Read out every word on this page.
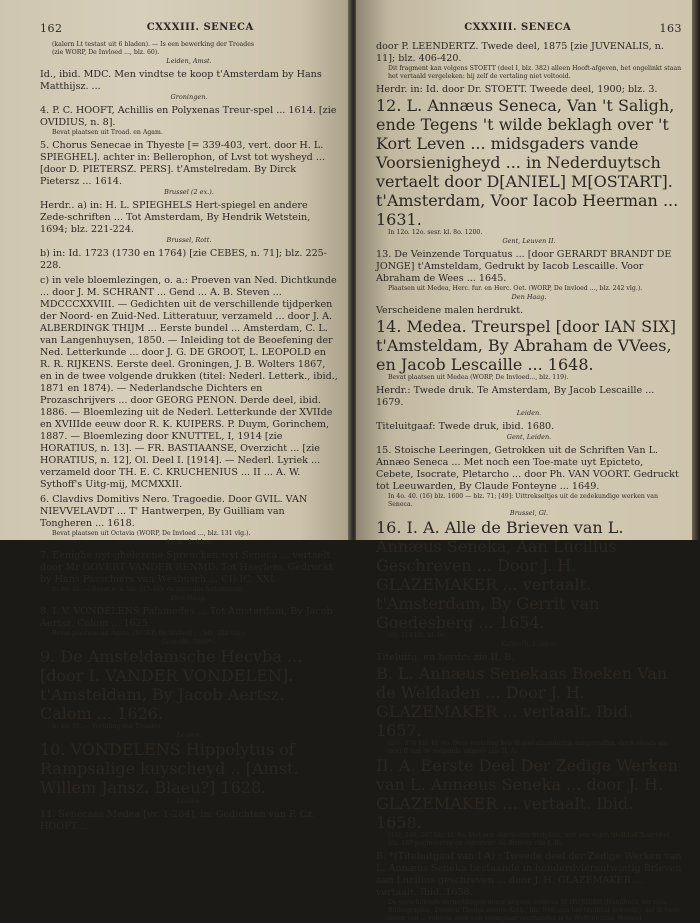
162	CXXXIII. SENECA

(kalern Lt testast uit 6 bladen). — Is een bewerking der Troades

(zie WORP, De Invloed ..., blz. 60).

Leiden, Amst.

Id., ibid. MDC. Men vindtse te koop t'Amsterdam by Hans Matthijsz. ...

Groningen.

4. P. C. HOOFT, Achillis en Polyxenas Treur-spel ... 1614. [zie OVIDIUS, n. 8].

Bevat plaatsen uit Troad. en Agam.

5. Chorus Senecae in Thyeste [= 339-403, vert. door H. L. SPIEGHEL]. achter in: Bellerophon, of Lvst tot wysheyd ... [door D. PIETERSZ. PERS]. t'Amstelredam. By Dirck Pietersz ... 1614.

Brussel (2 ex.).

Herdr.. a) in: H. L. SPIEGHELS Hert-spiegel en andere Zede-schriften ... Tot Amsterdam, By Hendrik Wetstein, 1694; blz. 221-224.

Brussel, Rott.

b) in: Id. 1723 (1730 en 1764) [zie CEBES, n. 71]; blz. 225-228.

c) in vele bloemlezingen, o. a.: Proeven van Ned. Dichtkunde ... door J. M. SCHRANT ... Gend ... A. B. Steven ... MDCCCXXVIII. — Gedichten uit de verschillende tijdperken der Noord- en Zuid-Ned. Litteratuur, verzameld ... door J. A. ALBERDINGK THIJM ... Eerste bundel ... Amsterdam, C. L. van Langenhuysen, 1850. — Inleiding tot de Beoefening der Ned. Letterkunde ... door J. G. DE GROOT, L. LEOPOLD en R. R. RIJKENS. Eerste deel. Groningen, J. B. Wolters 1867, en in de twee volgende drukken (titel: Nederl. Letterk., ibid., 1871 en 1874). — Nederlandsche Dichters en Prozaschrijvers ... door GEORG PENON. Derde deel, ibid. 1886. — Bloemlezing uit de Nederl. Letterkunde der XVIIde en XVIIIde eeuw door R. K. KUIPERS. P. Duym, Gorinchem, 1887. — Bloemlezing door KNUTTEL, I, 1914 [zie HORATIUS, n. 13]. — FR. BASTIAANSE, Overzicht ... [zie HORATIUS, n. 12], Ol. Deel I. [1914]. — Nederl. Lyriek ... verzameld door TH. E. C. KRUCHENIUS ... II ... A. W. Sythoff's Uitg-mij, MCMXXII.

6. Clavdivs Domitivs Nero. Tragoedie. Door GVIL. VAN NIEVVELAVDT ... T' Hantwerpen, By Guilliam van Tongheren ... 1618.

Bevat plaatsen uit Octavia (WORP, De Invloed ..., blz. 131 vlg.).

Antw., Leiden.

7. Eenighe uyt-ghelezene Spreucken wyt Seneca ... vertaelt door Mr GOVERT VANDER RENMD. Tot Haerlem, Gedruckt by Hans Passchiers van Wesbusch ... CI) IC. XXI.

In 8o. 40. — Bevat o. a. blz. (15-46): de remediis fortuitorum.

Den Haag.

8. I. V. VONDELENS Palamedes ... Tot Amsterdam, By Jacob Aertsz. Colom ... 1625.

Bevat plaatsen uit Agam. (WORP, De Invloed ..., blz. 202 vlg.)

Gent (Bl. 7998*).

9. De Amsteldamsche Hecvba ... [door I. VANDER VONDELEN]. t'Amsteldam, By Jacob Aertsz. Calom ... 1626.

In 4o. 40. — Vertaling der Troades.

Leiden.

10. VONDELENS Hippolytus of Rampsalige kuyscheyd .. [Amst. Willem Jansz. Blaeu?] 1628.

Leiden.

11. Senecaes Medea [vv. 1-284], in: Gedichten van P. Cz. HOOFT ...

CXXXIII. SENECA	163

door P. LEENDERTZ. Twede deel, 1875 [zie JUVENALIS, n. 11]; blz. 406-420.

Dit fragment kan volgens STOETT (deel I, blz. 382) alleen Hooft-afgeven, het ongelinkt staan het vertaald vergeleken: hij zelf de vertaling niet voltooid.

Herdr. in: Id. door Dr. STOETT. Tweede deel, 1900; blz. 3.

12. L. Annæus Seneca, Van 't Saligh, ende Tegens 't wilde beklagh over 't Kort Leven ... midsgaders vande Voorsienigheyd ... in Nederduytsch vertaelt door D[ANIEL] M[OSTART]. t'Amsterdam, Voor Iacob Heerman ... 1631.

In 12o. 12o. sesr. kl. 8o. 1200.

Gent, Leuven II.

13. De Veinzende Torquatus ... [door GERARDT BRANDT DE JONGE] t'Amsteldam, Gedrukt by Iacob Lescaille. Voor Abraham de Wees ... 1645.

Plaatsen uit Medea, Herc. fur. en Herc. Oet. (WORP, De Invloed ..., blz. 242 vlg.).

Den Haag.

Verscheidene malen herdrukt.

14. Medea. Treurspel [door IAN SIX] t'Amsteldam, By Abraham de VVees, en Jacob Lescaille ... 1648.

Bevat plaatsen uit Medea (WORP, De Invloed..., blz. 119).

Herdr.: Twede druk. Te Amsterdam, By Jacob Lescaille ... 1679.

Leiden.

Titeluitgaaf: Twede druk, ibid. 1680.

Gent, Leiden.

15. Stoische Leeringen, Getrokken uit de Schriften Van L. Annæo Seneca ... Met noch een Toe-mate uyt Epicteto, Cebete, Isocrate, Pletarcho ... door Ph. VAN VOORT. Gedruckt tot Leeuwarden, By Claude Fonteyne ... 1649.

In 4o. 40. (16) blz. 1600 — blz. 71; [49]: Uittrekseltjes uit de zedekundige werken van Seneca.

Brussel, Gl.

16. I. A. Alle de Brieven van L. Annæus Seneka, Aan Lucilius Geschreven ... Door J. H. GLAZEMAKER ... vertaalt. t'Amsterdam, By Gerrit van Goedesberg ... 1654.

(8), 214 blz. kl. 8o.

Kalmoth, Leiden.

Titeluitg. en herdr.: zie II, B.

B. L. Annæus Senekaas Boeken Van de Weldaden ... Door J. H. GLAZEMAKER ... vertaalt. Ibid. 1657.

(20), 376 blz. kl. 8o. Deze vertaling heb ik niet afzonderlijk aangetroffen, doch steeds als deel II van de volgende uitgave (zie II, A).

II. A. Eerste Deel Der Zedige Werken van L. Annæus Seneka ... door J. H. GLAZEMAKER ... vertaalt. Ibid. 1658.

(16), 346, 207 blz. kl. 8o. Met een algemeene titelplaat, met een eigen titelblad [kaartjes], blz. 167 pagineering en signatuur: de Brieven (zie I, B).

B. *(Titeluitgaaf van I A) : Tweede deel der Zedige Werken van L. Annæus Seneka bestaande in honderdvierentwintig Brieven aan Lucilius geschreven ... door J. H. GLAZEMAKER ... vertaalt. Ibid. 1658.

De verschillende vermeldingen dezer uitgave, volgens SCHWEIGER (Handbuch der clas. Bibliographie, Zweiten Theiles zweite Abth., blz. 940; aan het titelblad gekende), dat ik twee delen van ... volgens wien een exemplaar voorhanden is te Wolfenbüttel. Hoewel
